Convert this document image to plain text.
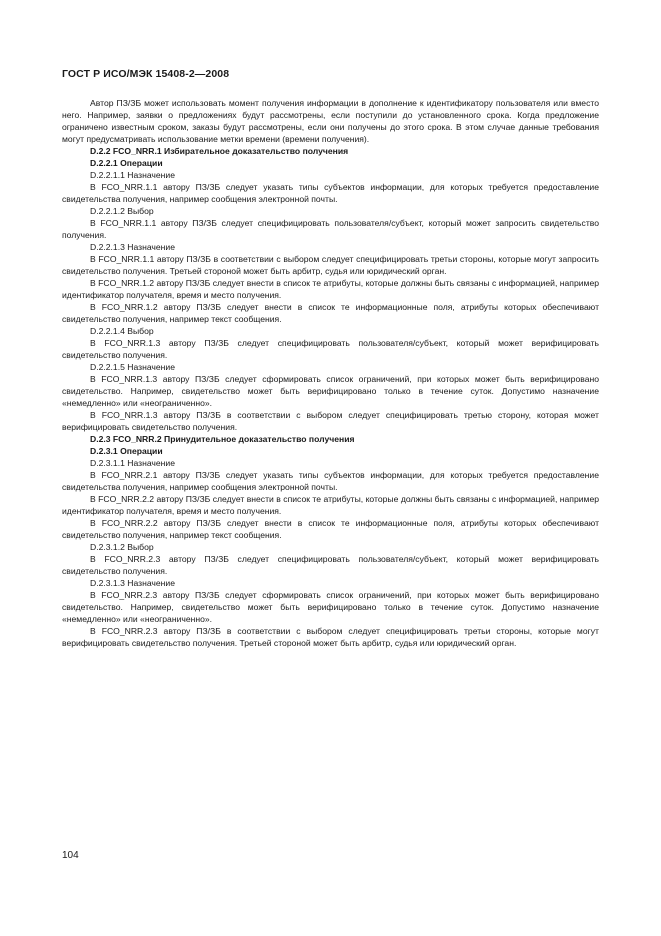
ГОСТ Р ИСО/МЭК 15408-2—2008

Автор ПЗ/ЗБ может использовать момент получения информации в дополнение к идентификатору пользователя или вместо него. Например, заявки о предложениях будут рассмотрены, если поступили до установленного срока. Когда предложение ограничено известным сроком, заказы будут рассмотрены, если они получены до этого срока. В этом случае данные требования могут предусматривать использование метки времени (времени получения).

D.2.2 FCO_NRR.1 Избирательное доказательство получения

D.2.2.1 Операции

D.2.2.1.1 Назначение

В FCO_NRR.1.1 автору ПЗ/ЗБ следует указать типы субъектов информации, для которых требуется предоставление свидетельства получения, например сообщения электронной почты.

D.2.2.1.2 Выбор

В FCO_NRR.1.1 автору ПЗ/ЗБ следует специфицировать пользователя/субъект, который может запросить свидетельство получения.

D.2.2.1.3 Назначение

В FCO_NRR.1.1 автору ПЗ/ЗБ в соответствии с выбором следует специфицировать третьи стороны, которые могут запросить свидетельство получения. Третьей стороной может быть арбитр, судья или юридический орган.

В FCO_NRR.1.2 автору ПЗ/ЗБ следует внести в список те атрибуты, которые должны быть связаны с информацией, например идентификатор получателя, время и место получения.

В FCO_NRR.1.2 автору ПЗ/ЗБ следует внести в список те информационные поля, атрибуты которых обеспечивают свидетельство получения, например текст сообщения.

D.2.2.1.4 Выбор

В FCO_NRR.1.3 автору ПЗ/ЗБ следует специфицировать пользователя/субъект, который может верифицировать свидетельство получения.

D.2.2.1.5 Назначение

В FCO_NRR.1.3 автору ПЗ/ЗБ следует сформировать список ограничений, при которых может быть верифицировано свидетельство. Например, свидетельство может быть верифицировано только в течение суток. Допустимо назначение «немедленно» или «неограниченно».

В FCO_NRR.1.3 автору ПЗ/ЗБ в соответствии с выбором следует специфицировать третью сторону, которая может верифицировать свидетельство получения.

D.2.3 FCO_NRR.2 Принудительное доказательство получения

D.2.3.1 Операции

D.2.3.1.1 Назначение

В FCO_NRR.2.1 автору ПЗ/ЗБ следует указать типы субъектов информации, для которых требуется предоставление свидетельства получения, например сообщения электронной почты.

В FCO_NRR.2.2 автору ПЗ/ЗБ следует внести в список те атрибуты, которые должны быть связаны с информацией, например идентификатор получателя, время и место получения.

В FCO_NRR.2.2 автору ПЗ/ЗБ следует внести в список те информационные поля, атрибуты которых обеспечивают свидетельство получения, например текст сообщения.

D.2.3.1.2 Выбор

В FCO_NRR.2.3 автору ПЗ/ЗБ следует специфицировать пользователя/субъект, который может верифицировать свидетельство получения.

D.2.3.1.3 Назначение

В FCO_NRR.2.3 автору ПЗ/ЗБ следует сформировать список ограничений, при которых может быть верифицировано свидетельство. Например, свидетельство может быть верифицировано только в течение суток. Допустимо назначение «немедленно» или «неограниченно».

В FCO_NRR.2.3 автору ПЗ/ЗБ в соответствии с выбором следует специфицировать третьи стороны, которые могут верифицировать свидетельство получения. Третьей стороной может быть арбитр, судья или юридический орган.

104
